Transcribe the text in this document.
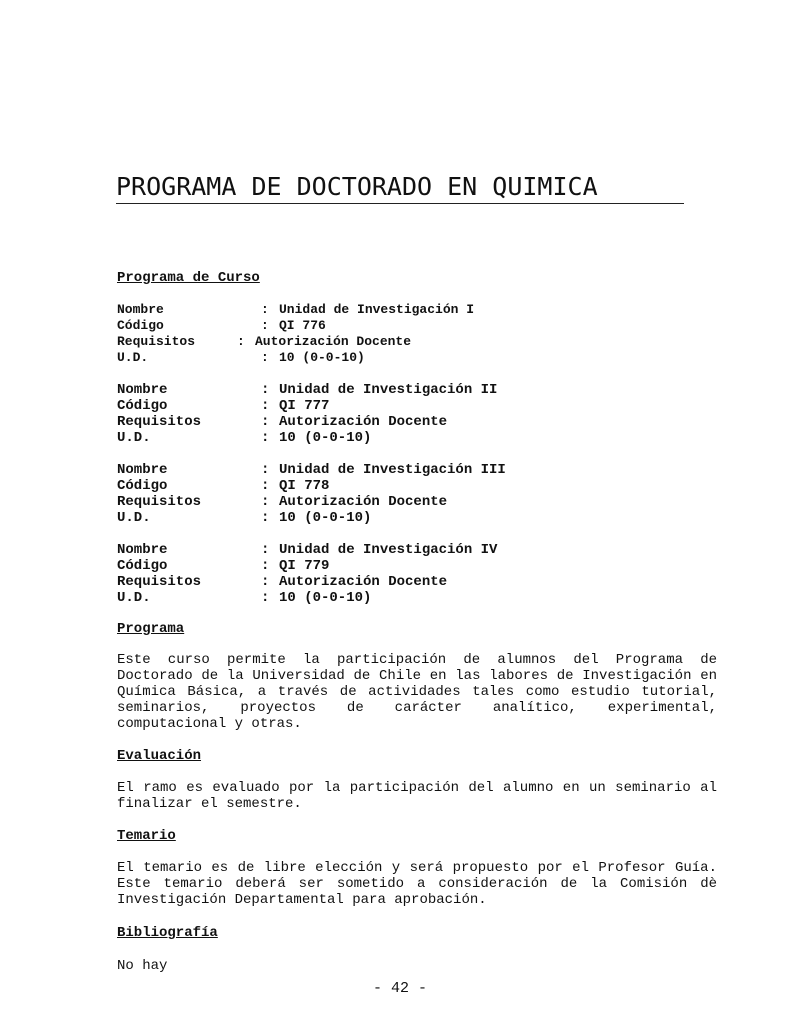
PROGRAMA DE DOCTORADO EN QUIMICA
Programa de Curso
Nombre	: Unidad de Investigación I
Código	: QI 776
Requisitos	: Autorización Docente
U.D.	: 10 (0-0-10)
Nombre	: Unidad de Investigación II
Código	: QI 777
Requisitos	: Autorización Docente
U.D.	: 10 (0-0-10)
Nombre	: Unidad de Investigación III
Código	: QI 778
Requisitos	: Autorización Docente
U.D.	: 10 (0-0-10)
Nombre	: Unidad de Investigación IV
Código	: QI 779
Requisitos	: Autorización Docente
U.D.	: 10 (0-0-10)
Programa
Este curso permite la participación de alumnos del Programa de Doctorado de la Universidad de Chile en las labores de Investigación en Química Básica, a través de actividades tales como estudio tutorial, seminarios, proyectos de carácter analítico, experimental, computacional y otras.
Evaluación
El ramo es evaluado por la participación del alumno en un seminario al finalizar el semestre.
Temario
El temario es de libre elección y será propuesto por el Profesor Guía. Este temario deberá ser sometido a consideración de la Comisión dè Investigación Departamental para aprobación.
Bibliografía
No hay
- 42 -
